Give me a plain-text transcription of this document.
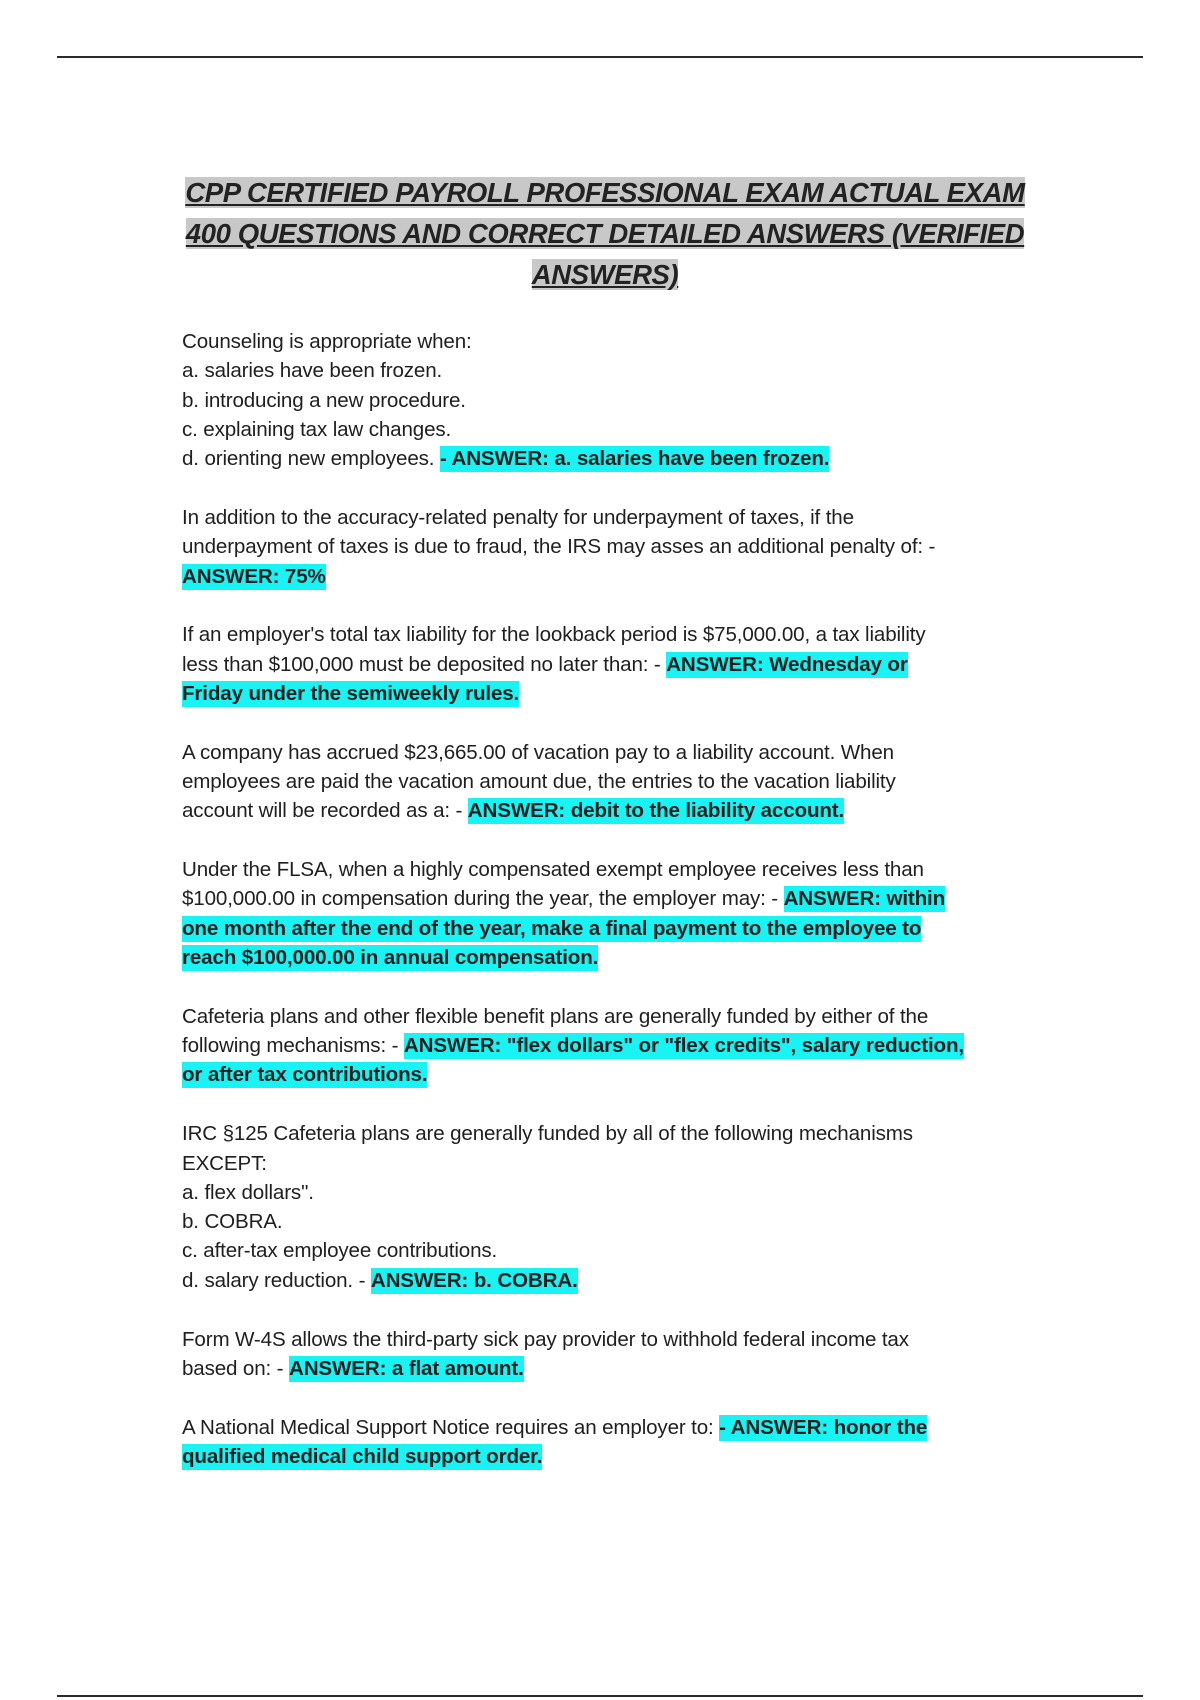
CPP CERTIFIED PAYROLL PROFESSIONAL EXAM ACTUAL EXAM
400 QUESTIONS AND CORRECT DETAILED ANSWERS (VERIFIED
ANSWERS)
Counseling is appropriate when:
a. salaries have been frozen.
b. introducing a new procedure.
c. explaining tax law changes.
d. orienting new employees. - ANSWER: a. salaries have been frozen.
In addition to the accuracy-related penalty for underpayment of taxes, if the
underpayment of taxes is due to fraud, the IRS may asses an additional penalty of: -
ANSWER: 75%
If an employer's total tax liability for the lookback period is $75,000.00, a tax liability
less than $100,000 must be deposited no later than: - ANSWER: Wednesday or
Friday under the semiweekly rules.
A company has accrued $23,665.00 of vacation pay to a liability account. When
employees are paid the vacation amount due, the entries to the vacation liability
account will be recorded as a: - ANSWER: debit to the liability account.
Under the FLSA, when a highly compensated exempt employee receives less than
$100,000.00 in compensation during the year, the employer may: - ANSWER: within
one month after the end of the year, make a final payment to the employee to
reach $100,000.00 in annual compensation.
Cafeteria plans and other flexible benefit plans are generally funded by either of the
following mechanisms: - ANSWER: "flex dollars" or "flex credits", salary reduction,
or after tax contributions.
IRC §125 Cafeteria plans are generally funded by all of the following mechanisms
EXCEPT:
a. flex dollars".
b. COBRA.
c. after-tax employee contributions.
d. salary reduction. - ANSWER: b. COBRA.
Form W-4S allows the third-party sick pay provider to withhold federal income tax
based on: - ANSWER: a flat amount.
A National Medical Support Notice requires an employer to: - ANSWER: honor the
qualified medical child support order.
